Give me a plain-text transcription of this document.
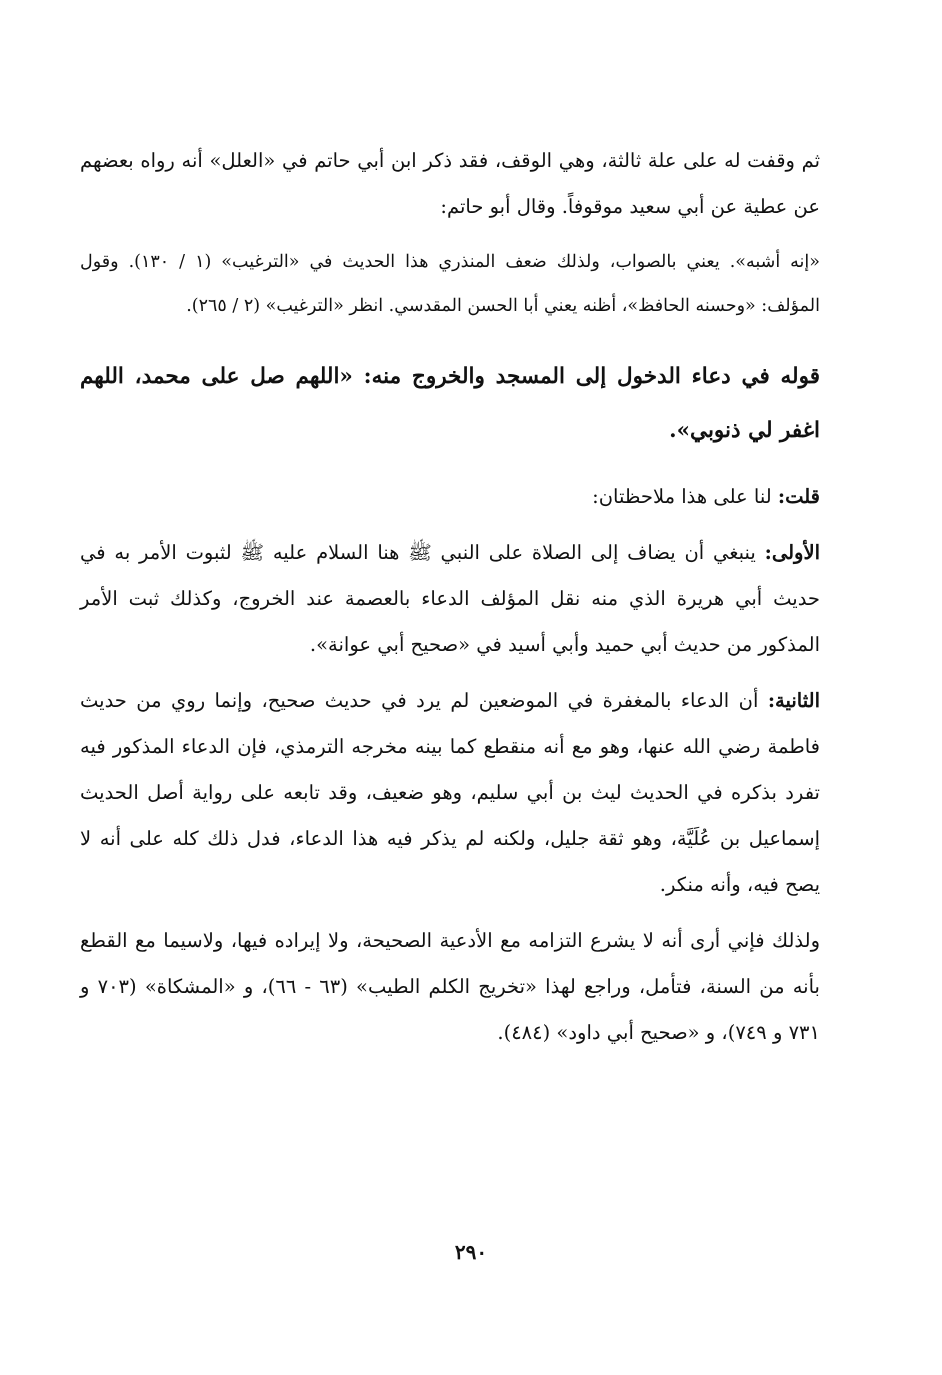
ثم وقفت له على علة ثالثة، وهي الوقف، فقد ذكر ابن أبي حاتم في «العلل» أنه رواه بعضهم عن عطية عن أبي سعيد موقوفاً. وقال أبو حاتم:

«إنه أشبه». يعني بالصواب، ولذلك ضعف المنذري هذا الحديث في «الترغيب» (١ / ١٣٠). وقول المؤلف: «وحسنه الحافظ»، أظنه يعني أبا الحسن المقدسي. انظر «الترغيب» (٢ / ٢٦٥).

قوله في دعاء الدخول إلى المسجد والخروج منه: «اللهم صل على محمد، اللهم اغفر لي ذنوبي».

قلت: لنا على هذا ملاحظتان:

الأولى: ينبغي أن يضاف إلى الصلاة على النبي ﷺ هنا السلام عليه ﷺ لثبوت الأمر به في حديث أبي هريرة الذي منه نقل المؤلف الدعاء بالعصمة عند الخروج، وكذلك ثبت الأمر المذكور من حديث أبي حميد وأبي أسيد في «صحيح أبي عوانة».

الثانية: أن الدعاء بالمغفرة في الموضعين لم يرد في حديث صحيح، وإنما روي من حديث فاطمة رضي الله عنها، وهو مع أنه منقطع كما بينه مخرجه الترمذي، فإن الدعاء المذكور فيه تفرد بذكره في الحديث ليث بن أبي سليم، وهو ضعيف، وقد تابعه على رواية أصل الحديث إسماعيل بن عُلَيَّة، وهو ثقة جليل، ولكنه لم يذكر فيه هذا الدعاء، فدل ذلك كله على أنه لا يصح فيه، وأنه منكر.

ولذلك فإني أرى أنه لا يشرع التزامه مع الأدعية الصحيحة، ولا إيراده فيها، ولاسيما مع القطع بأنه من السنة، فتأمل، وراجع لهذا «تخريج الكلم الطيب» (٦٣ - ٦٦)، و «المشكاة» (٧٠٣ و ٧٣١ و ٧٤٩)، و «صحيح أبي داود» (٤٨٤).

٢٩٠
